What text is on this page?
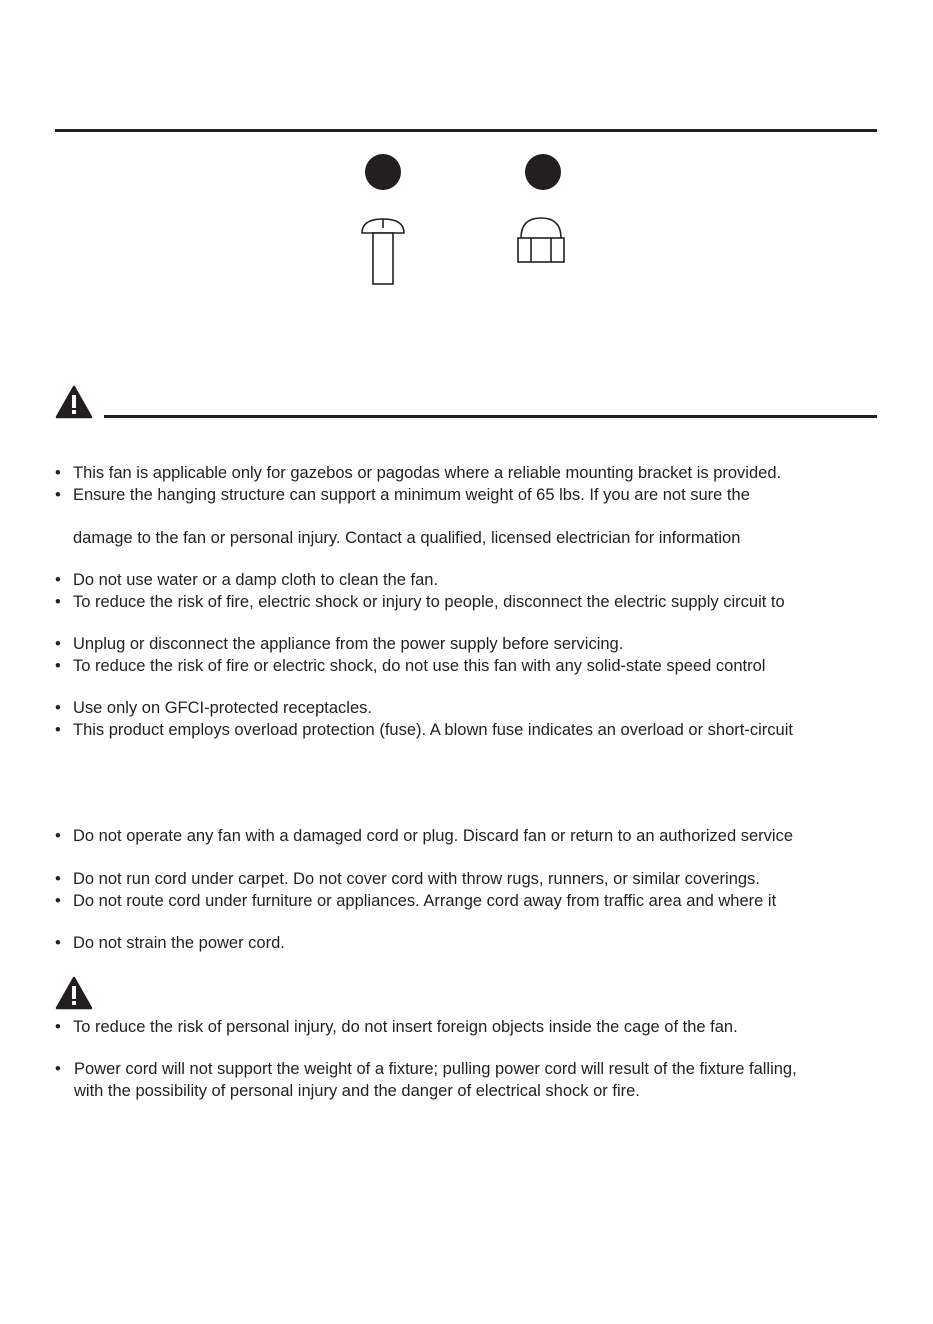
• This fan is applicable only for gazebos or pagodas where a reliable mounting bracket is provided.
• Ensure the hanging structure can support a minimum weight of 65 lbs. If you are not sure the
damage to the fan or personal injury. Contact a qualified, licensed electrician for information
• Do not use water or a damp cloth to clean the fan.
• To reduce the risk of fire, electric shock or injury to people, disconnect the electric supply circuit to
• Unplug or disconnect the appliance from the power supply before servicing.
• To reduce the risk of fire or electric shock, do not use this fan with any solid-state speed control
• Use only on GFCI-protected receptacles.
• This product employs overload protection (fuse). A blown fuse indicates an overload or short-circuit
• Do not operate any fan with a damaged cord or plug. Discard fan or return to an authorized service
• Do not run cord under carpet. Do not cover cord with throw rugs, runners, or similar coverings.
• Do not route cord under furniture or appliances. Arrange cord away from traffic area and where it
• Do not strain the power cord.
• To reduce the risk of personal injury, do not insert foreign objects inside the cage of the fan.
• Power cord will not support the weight of a fixture; pulling power cord will result of the fixture falling,
with the possibility of personal injury and the danger of electrical shock or fire.
